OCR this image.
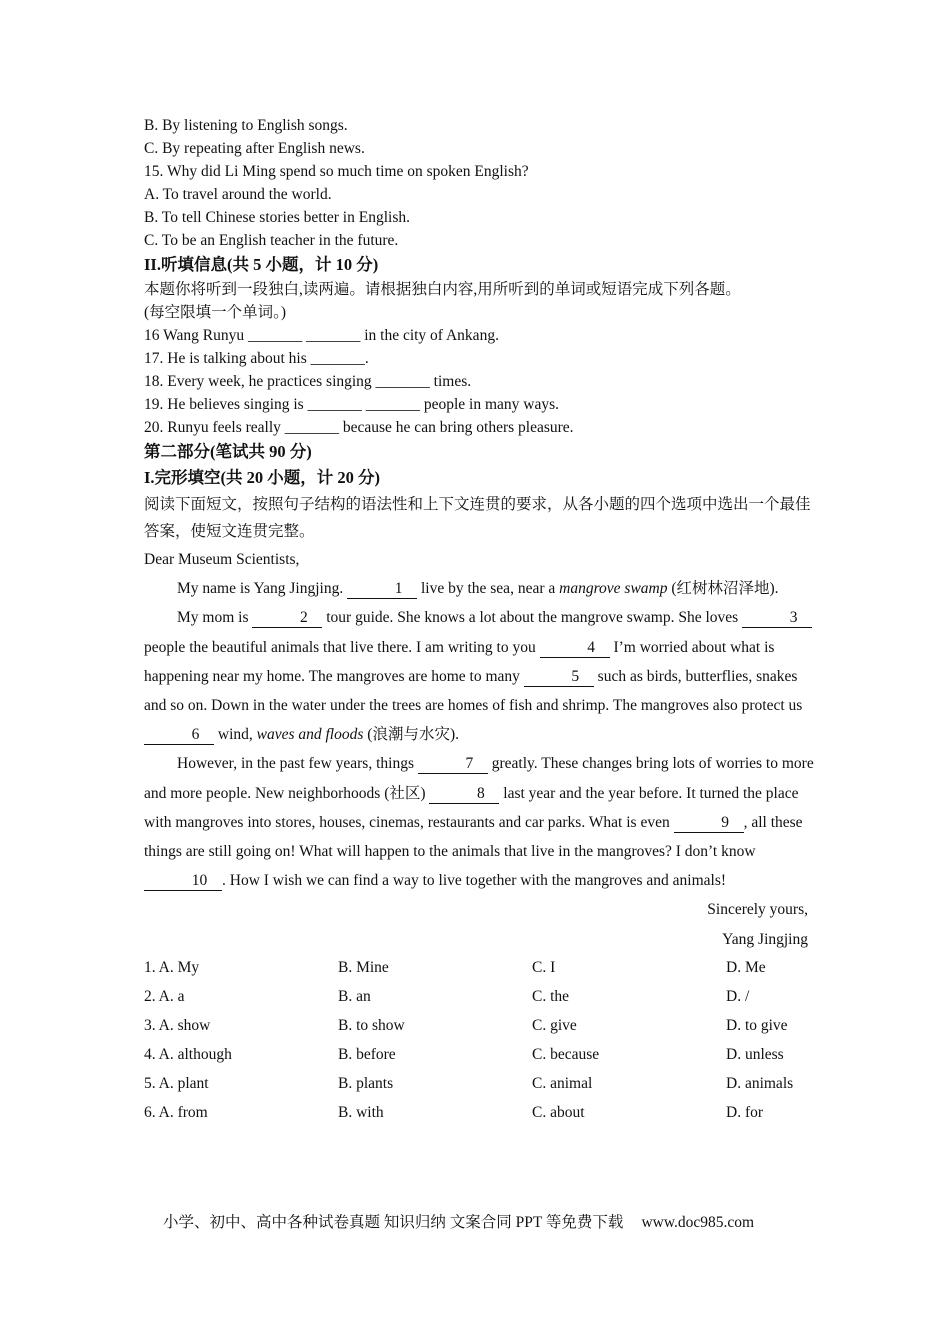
B. By listening to English songs.
C. By repeating after English news.
15. Why did Li Ming spend so much time on spoken English?
A. To travel around the world.
B. To tell Chinese stories better in English.
C. To be an English teacher in the future.
II.听填信息(共 5 小题，计 10 分)
本题你将听到一段独白,读两遍。请根据独白内容,用所听到的单词或短语完成下列各题。
(每空限填一个单词。)
16 Wang Runyu _______ _______ in the city of Ankang.
17. He is talking about his _______.
18. Every week, he practices singing _______ times.
19. He believes singing is _______ _______ people in many ways.
20. Runyu feels really _______ because he can bring others pleasure.
第二部分(笔试共 90 分)
I.完形填空(共 20 小题，计 20 分)
阅读下面短文，按照句子结构的语法性和上下文连贯的要求，从各小题的四个选项中选出一个最佳答案，使短文连贯完整。
Dear Museum Scientists,

My name is Yang Jingjing.	1 live by the sea, near a mangrove swamp (红树林沼泽地).

My mom is	2 tour guide. She knows a lot about the mangrove swamp. She loves	3 people the beautiful animals that live there. I am writing to you	4 I’m worried about what is happening near my home. The mangroves are home to many	5 such as birds, butterflies, snakes and so on. Down in the water under the trees are homes of fish and shrimp. The mangroves also protect us 6 wind, waves and floods (浪潮与水灾).

However, in the past few years, things	7 greatly. These changes bring lots of worries to more and more people. New neighborhoods (社区)	8 last year and the year before. It turned the place with mangroves into stores, houses, cinemas, restaurants and car parks. What is even	9 , all these things are still going on! What will happen to the animals that live in the mangroves? I don’t know 10 . How I wish we can find a way to live together with the mangroves and animals!

Sincerely yours,
Yang Jingjing
1. A. My	B. Mine	C. I	D. Me
2. A. a	B. an	C. the	D. /
3. A. show	B. to show	C. give	D. to give
4. A. although	B. before	C. because	D. unless
5. A. plant	B. plants	C. animal	D. animals
6. A. from	B. with	C. about	D. for
小学、初中、高中各种试卷真题 知识归纳 文案合同 PPT 等免费下载 www.doc985.com
